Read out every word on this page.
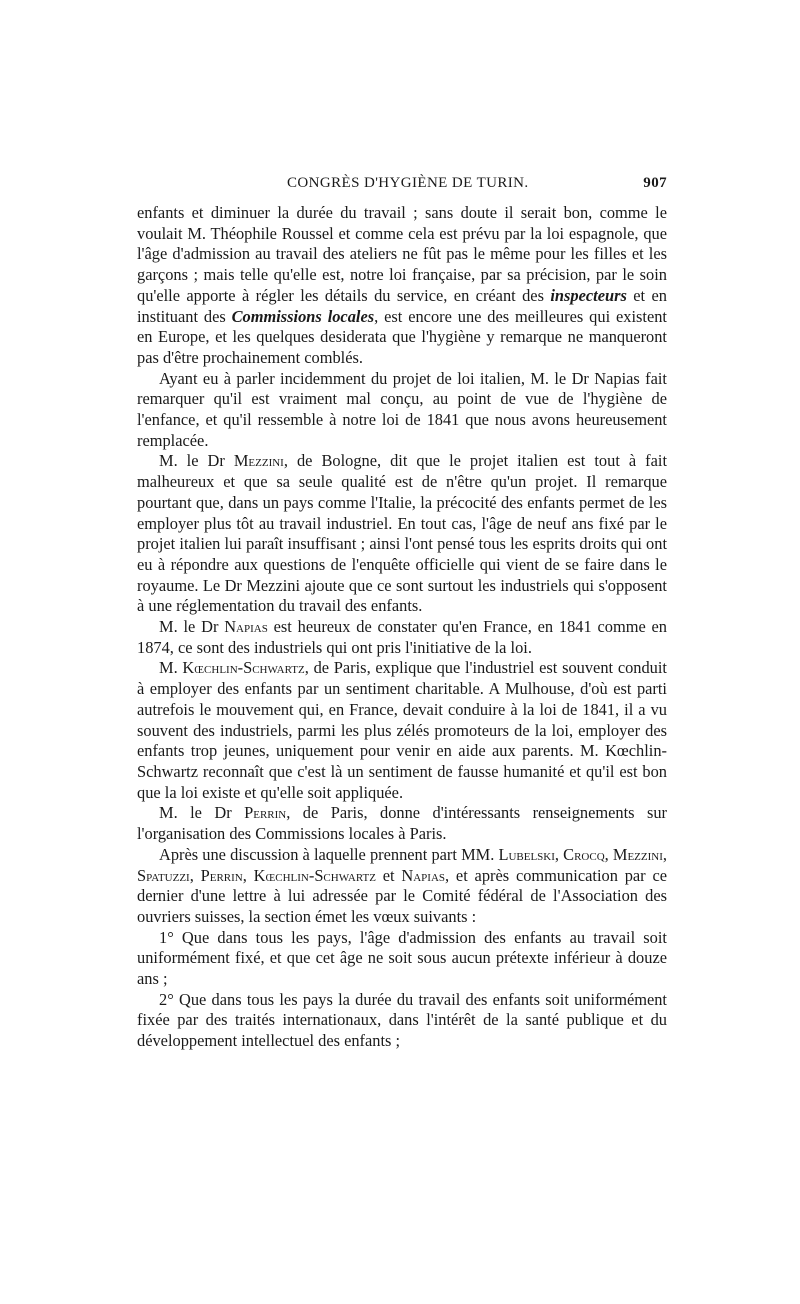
CONGRÈS D'HYGIÈNE DE TURIN.	907

enfants et diminuer la durée du travail ; sans doute il serait bon, comme le voulait M. Théophile Roussel et comme cela est prévu par la loi espagnole, que l'âge d'admission au travail des ateliers ne fût pas le même pour les filles et les garçons ; mais telle qu'elle est, notre loi française, par sa précision, par le soin qu'elle apporte à régler les détails du service, en créant des inspecteurs et en instituant des Commissions locales, est encore une des meilleures qui existent en Europe, et les quelques desiderata que l'hygiène y remarque ne manqueront pas d'être prochainement comblés.

Ayant eu à parler incidemment du projet de loi italien, M. le Dr Napias fait remarquer qu'il est vraiment mal conçu, au point de vue de l'hygiène de l'enfance, et qu'il ressemble à notre loi de 1841 que nous avons heureusement remplacée.

M. le Dr Mezzini, de Bologne, dit que le projet italien est tout à fait malheureux et que sa seule qualité est de n'être qu'un projet. Il remarque pourtant que, dans un pays comme l'Italie, la précocité des enfants permet de les employer plus tôt au travail industriel. En tout cas, l'âge de neuf ans fixé par le projet italien lui paraît insuffisant ; ainsi l'ont pensé tous les esprits droits qui ont eu à répondre aux questions de l'enquête officielle qui vient de se faire dans le royaume. Le Dr Mezzini ajoute que ce sont surtout les industriels qui s'opposent à une réglementation du travail des enfants.

M. le Dr Napias est heureux de constater qu'en France, en 1841 comme en 1874, ce sont des industriels qui ont pris l'initiative de la loi.

M. Kœchlin-Schwartz, de Paris, explique que l'industriel est souvent conduit à employer des enfants par un sentiment charitable. A Mulhouse, d'où est parti autrefois le mouvement qui, en France, devait conduire à la loi de 1841, il a vu souvent des industriels, parmi les plus zélés promoteurs de la loi, employer des enfants trop jeunes, uniquement pour venir en aide aux parents. M. Kœchlin-Schwartz reconnaît que c'est là un sentiment de fausse humanité et qu'il est bon que la loi existe et qu'elle soit appliquée.

M. le Dr Perrin, de Paris, donne d'intéressants renseignements sur l'organisation des Commissions locales à Paris.

Après une discussion à laquelle prennent part MM. Lubelski, Crocq, Mezzini, Spatuzzi, Perrin, Kœchlin-Schwartz et Napias, et après communication par ce dernier d'une lettre à lui adressée par le Comité fédéral de l'Association des ouvriers suisses, la section émet les vœux suivants :

1° Que dans tous les pays, l'âge d'admission des enfants au travail soit uniformément fixé, et que cet âge ne soit sous aucun prétexte inférieur à douze ans ;

2° Que dans tous les pays la durée du travail des enfants soit uniformément fixée par des traités internationaux, dans l'intérêt de la santé publique et du développement intellectuel des enfants ;
